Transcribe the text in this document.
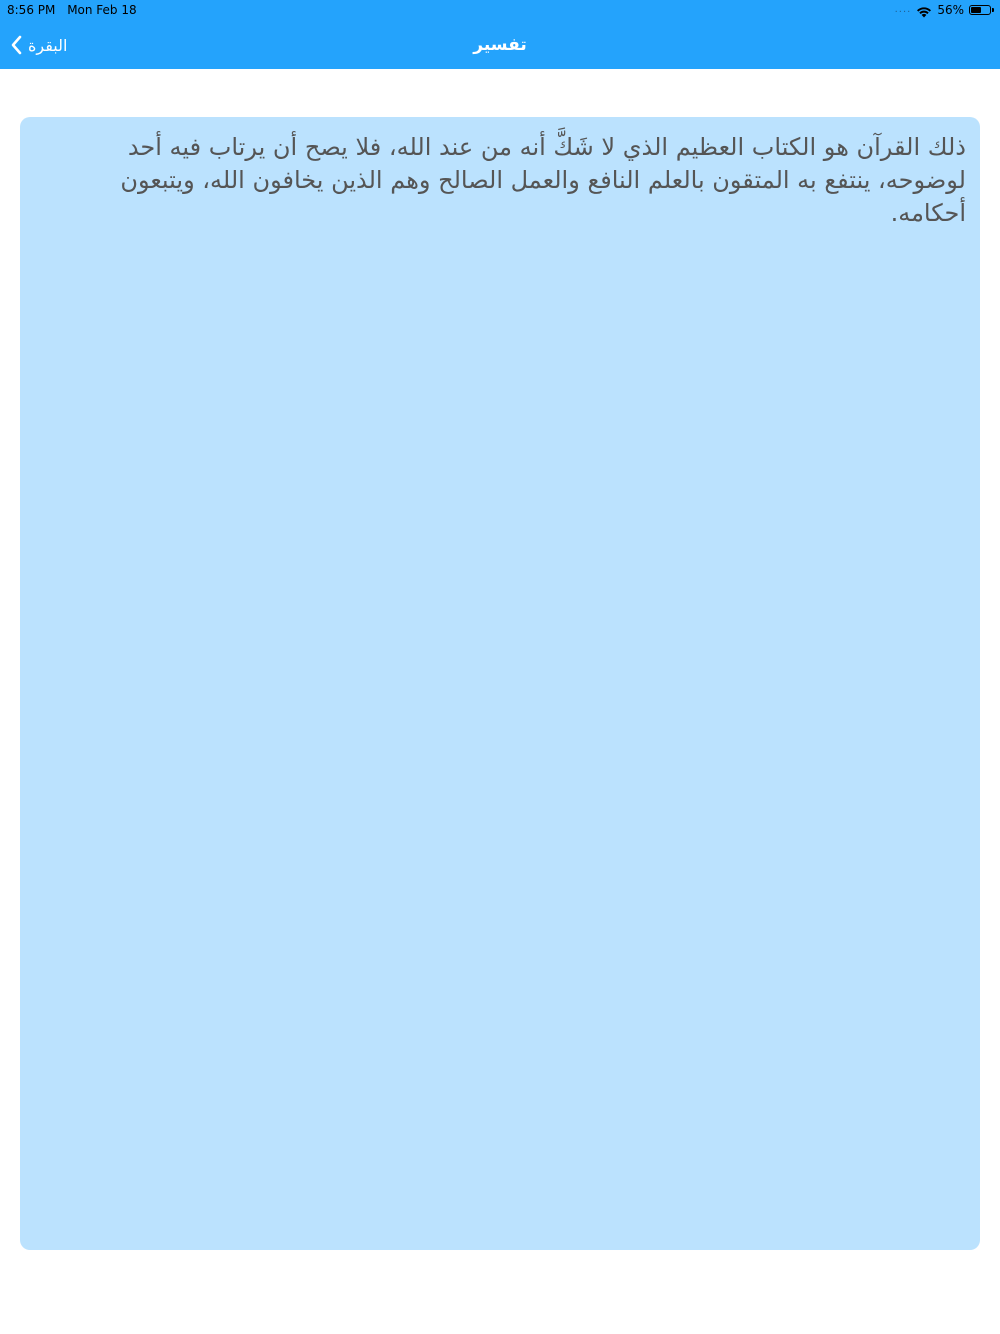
8:56 PM Mon Feb 18	.... 56%
البقرة	تفسير

ذلك القرآن هو الكتاب العظيم الذي لا شَكَّ أنه من عند الله، فلا يصح أن يرتاب فيه أحد لوضوحه، ينتفع به المتقون بالعلم النافع والعمل الصالح وهم الذين يخافون الله، ويتبعون أحكامه.
